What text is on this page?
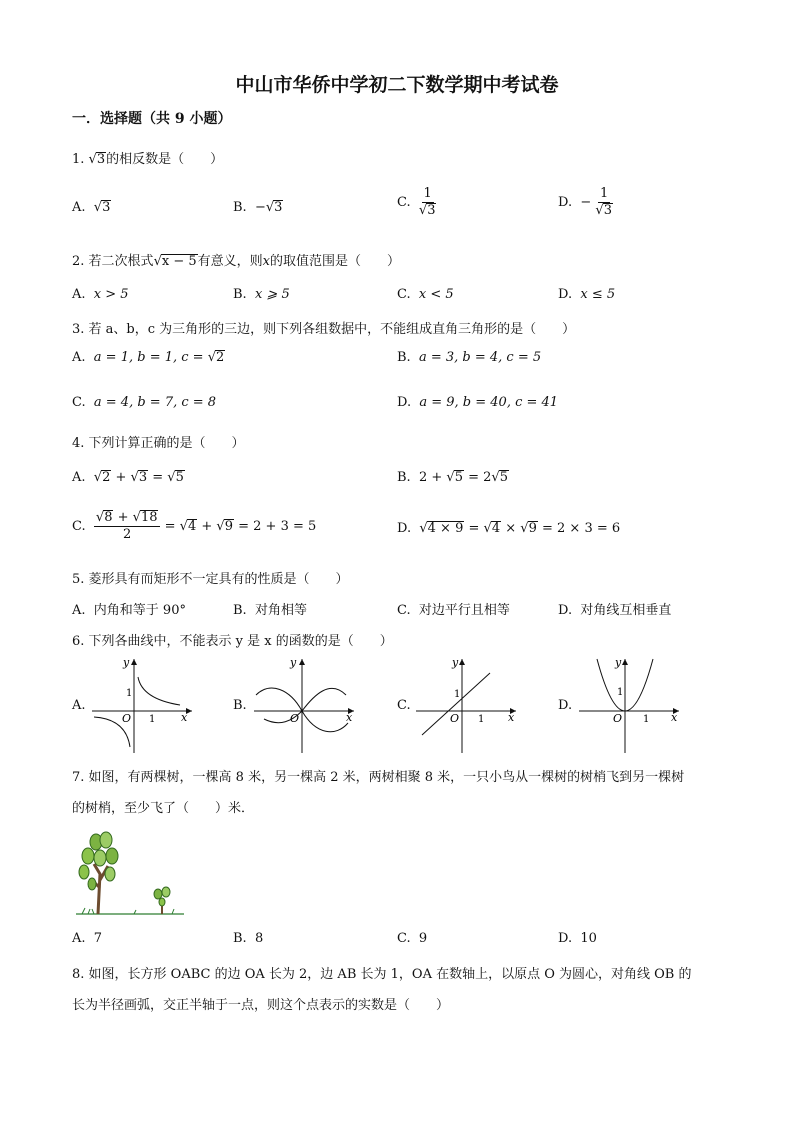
中山市华侨中学初二下数学期中考试卷
一．选择题（共 9 小题）
1. √3的相反数是（　　）
A. √3	B. −√3	C. $\frac{1}{√3}$	D. − $\frac{1}{√3}$
2. 若二次根式√x − 5有意义，则x的取值范围是（　　）
A. x > 5	B. x ⩾ 5	C. x < 5	D. x ≤ 5
3. 若 a、b，c 为三角形的三边，则下列各组数据中，不能组成直角三角形的是（　　）
A. a = 1, b = 1, c = √2	B. a = 3, b = 4, c = 5
C. a = 4, b = 7, c = 8	D. a = 9, b = 40, c = 41
4. 下列计算正确的是（　　）
A. √2 + √3 = √5	B. 2 + √5 = 2√5
C. $\frac{√8 + √18}{2} = √4 + √9 = 2 + 3 = 5$	D. √4 × 9 = √4 × √9 = 2 × 3 = 6
5. 菱形具有而矩形不一定具有的性质是（　　）
A. 内角和等于 90°	B. 对角相等	C. 对边平行且相等	D. 对角线互相垂直
6. 下列各曲线中，不能表示 y 是 x 的函数的是（　　）
A.
x
y
O
1
1
B.
x
y
O
C.
x
y
O
1
1
D.
x
y
O
1
1
7. 如图，有两棵树，一棵高 8 米，另一棵高 2 米，两树相聚 8 米，一只小鸟从一棵树的树梢飞到另一棵树
的树梢，至少飞了（　　）米．
A. 7	B. 8	C. 9	D. 10
8. 如图，长方形 OABC 的边 OA 长为 2，边 AB 长为 1，OA 在数轴上，以原点 O 为圆心，对角线 OB 的
长为半径画弧，交正半轴于一点，则这个点表示的实数是（　　）
